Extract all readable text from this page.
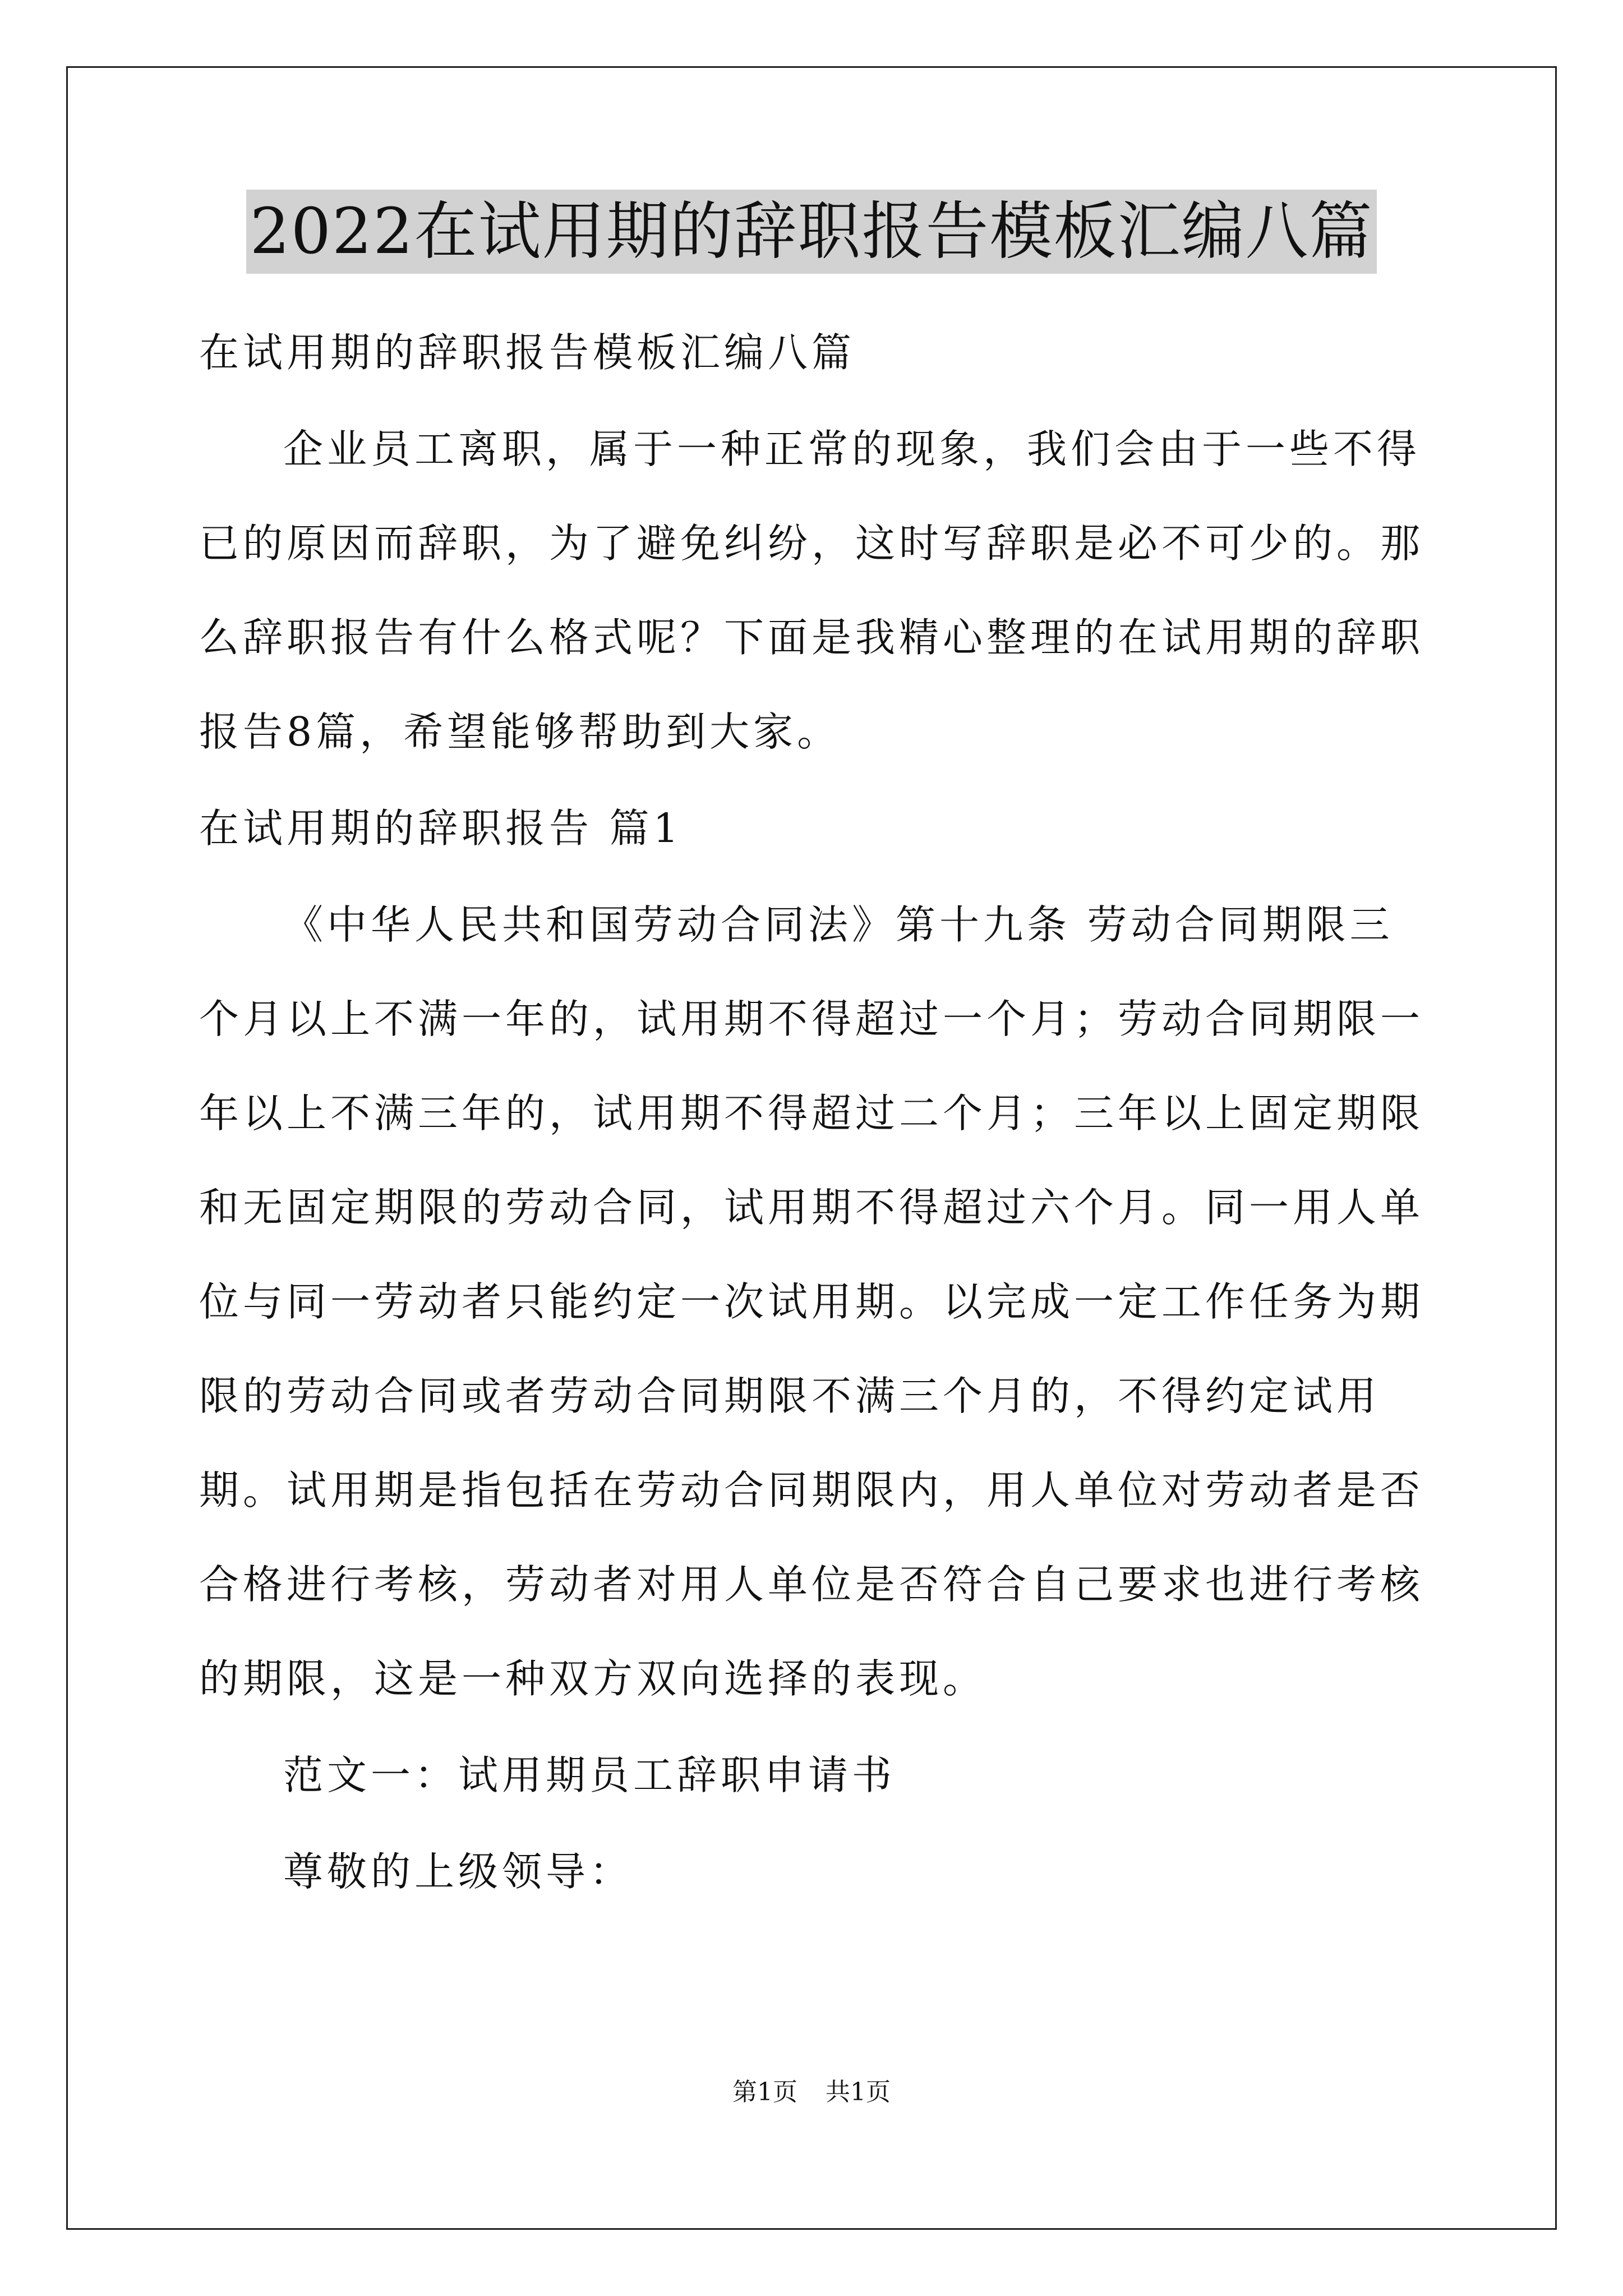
2022在试用期的辞职报告模板汇编八篇

在试用期的辞职报告模板汇编八篇

企业员工离职，属于一种正常的现象，我们会由于一些不得已的原因而辞职，为了避免纠纷，这时写辞职是必不可少的。那么辞职报告有什么格式呢？下面是我精心整理的在试用期的辞职报告8篇，希望能够帮助到大家。

在试用期的辞职报告 篇1

《中华人民共和国劳动合同法》第十九条 劳动合同期限三个月以上不满一年的，试用期不得超过一个月；劳动合同期限一年以上不满三年的，试用期不得超过二个月；三年以上固定期限和无固定期限的劳动合同，试用期不得超过六个月。同一用人单位与同一劳动者只能约定一次试用期。以完成一定工作任务为期限的劳动合同或者劳动合同期限不满三个月的，不得约定试用期。试用期是指包括在劳动合同期限内，用人单位对劳动者是否合格进行考核，劳动者对用人单位是否符合自己要求也进行考核的期限，这是一种双方双向选择的表现。

范文一：试用期员工辞职申请书

尊敬的上级领导：

第1页 共1页
